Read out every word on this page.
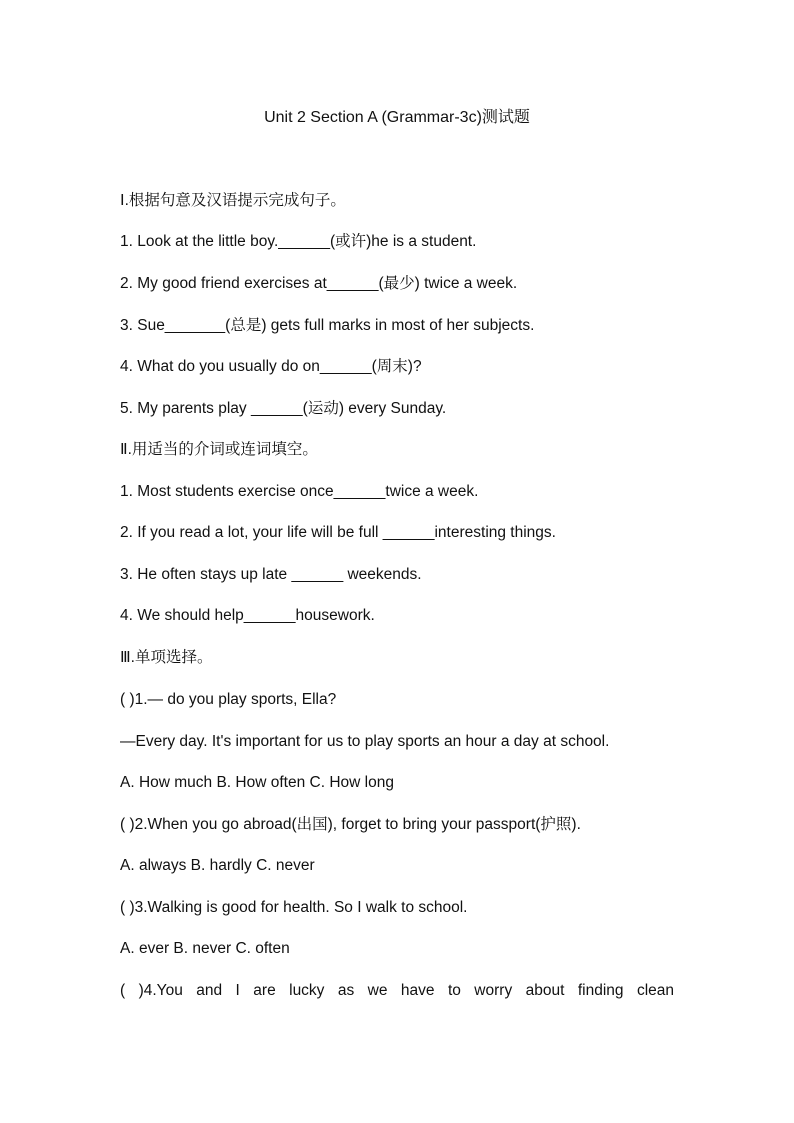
Unit 2 Section A (Grammar-3c)测试题
Ⅰ.根据句意及汉语提示完成句子。
1. Look at the little boy.______(或许)he is a student.
2. My good friend exercises at______(最少) twice a week.
3. Sue_______(总是) gets full marks in most of her subjects.
4. What do you usually do on______(周末)?
5. My parents play ______(运动) every Sunday.
Ⅱ.用适当的介词或连词填空。
1. Most students exercise once______twice a week.
2. If you read a lot, your life will be full ______interesting things.
3. He often stays up late ______ weekends.
4. We should help______housework.
Ⅲ.单项选择。
( )1.— do you play sports, Ella?
—Every day. It's important for us to play sports an hour a day at school.
A. How much B. How often C. How long
( )2.When you go abroad(出国), forget to bring your passport(护照).
A. always B. hardly C. never
( )3.Walking is good for health. So I walk to school.
A. ever B. never C. often
( )4.You and I are lucky as we have to worry about finding clean
